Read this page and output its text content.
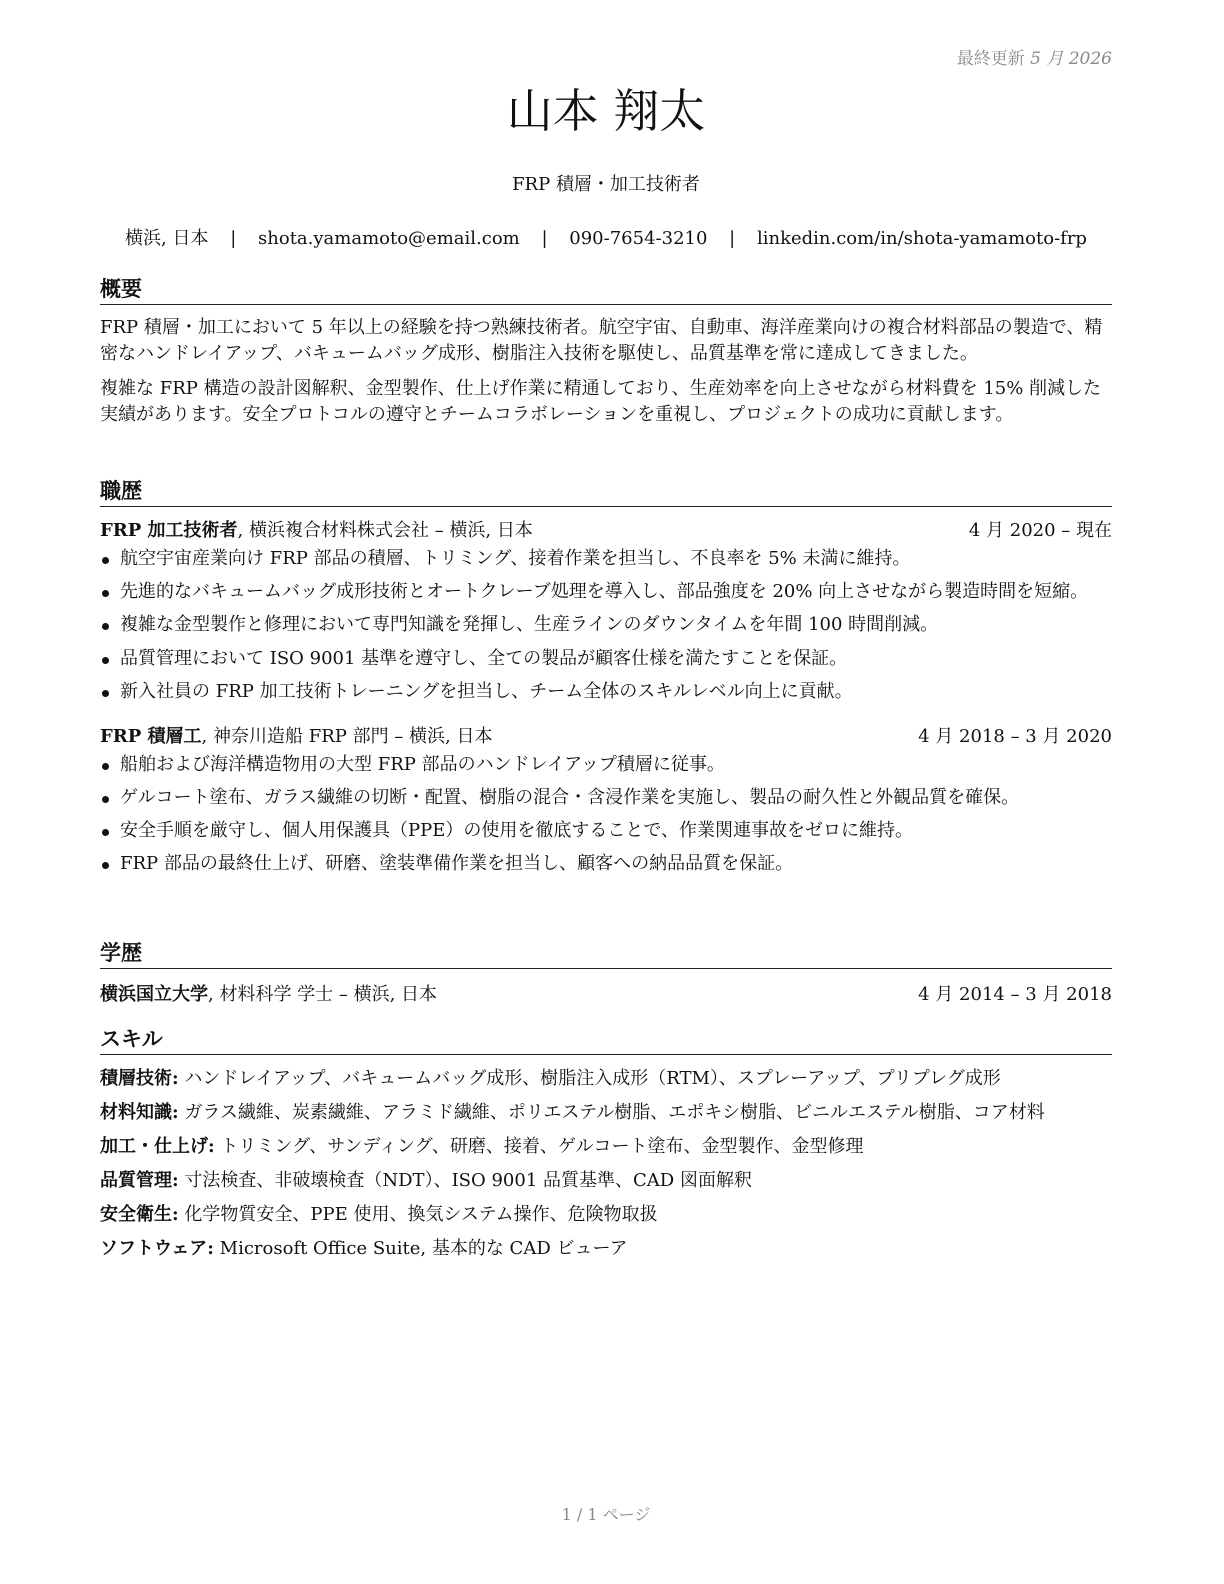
最終更新 5 月 2026
山本 翔太
FRP 積層・加工技術者
横浜, 日本 | shota.yamamoto@email.com | 090-7654-3210 | linkedin.com/in/shota-yamamoto-frp
概要

FRP 積層・加工において 5 年以上の経験を持つ熟練技術者。航空宇宙、自動車、海洋産業向けの複合材料部品の製造で、精密なハンドレイアップ、バキュームバッグ成形、樹脂注入技術を駆使し、品質基準を常に達成してきました。

複雑な FRP 構造の設計図解釈、金型製作、仕上げ作業に精通しており、生産効率を向上させながら材料費を 15% 削減した実績があります。安全プロトコルの遵守とチームコラボレーションを重視し、プロジェクトの成功に貢献します。

職歴
FRP 加工技術者, 横浜複合材料株式会社 – 横浜, 日本	4 月 2020 – 現在
航空宇宙産業向け FRP 部品の積層、トリミング、接着作業を担当し、不良率を 5% 未満に維持。
先進的なバキュームバッグ成形技術とオートクレーブ処理を導入し、部品強度を 20% 向上させながら製造時間を短縮。
複雑な金型製作と修理において専門知識を発揮し、生産ラインのダウンタイムを年間 100 時間削減。
品質管理において ISO 9001 基準を遵守し、全ての製品が顧客仕様を満たすことを保証。
新入社員の FRP 加工技術トレーニングを担当し、チーム全体のスキルレベル向上に貢献。
FRP 積層工, 神奈川造船 FRP 部門 – 横浜, 日本	4 月 2018 – 3 月 2020
船舶および海洋構造物用の大型 FRP 部品のハンドレイアップ積層に従事。
ゲルコート塗布、ガラス繊維の切断・配置、樹脂の混合・含浸作業を実施し、製品の耐久性と外観品質を確保。
安全手順を厳守し、個人用保護具（PPE）の使用を徹底することで、作業関連事故をゼロに維持。
FRP 部品の最終仕上げ、研磨、塗装準備作業を担当し、顧客への納品品質を保証。
学歴
横浜国立大学, 材料科学 学士 – 横浜, 日本	4 月 2014 – 3 月 2018
スキル
積層技術: ハンドレイアップ、バキュームバッグ成形、樹脂注入成形（RTM）、スプレーアップ、プリプレグ成形
材料知識: ガラス繊維、炭素繊維、アラミド繊維、ポリエステル樹脂、エポキシ樹脂、ビニルエステル樹脂、コア材料
加工・仕上げ: トリミング、サンディング、研磨、接着、ゲルコート塗布、金型製作、金型修理
品質管理: 寸法検査、非破壊検査（NDT）、ISO 9001 品質基準、CAD 図面解釈
安全衛生: 化学物質安全、PPE 使用、換気システム操作、危険物取扱
ソフトウェア: Microsoft Office Suite, 基本的な CAD ビューア
1 / 1 ページ
